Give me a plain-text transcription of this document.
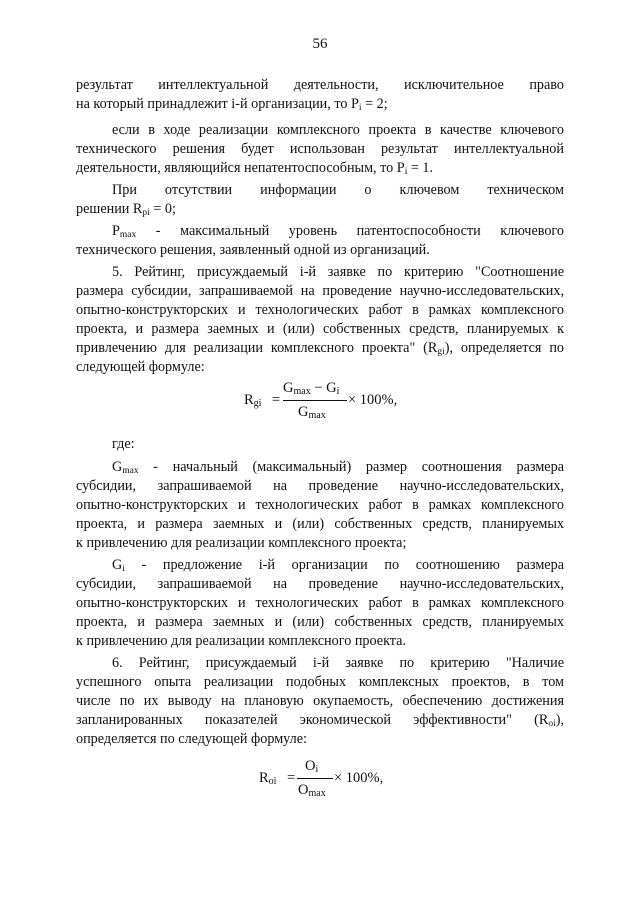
56
результат интеллектуальной деятельности, исключительное право
на который принадлежит i-й организации, то $P_i = 2$;
если в ходе реализации комплексного проекта в качестве ключевого
технического решения будет использован результат интеллектуальной
деятельности, являющийся непатентоспособным, то $P_i = 1$.
При отсутствии информации о ключевом техническом
решении $R_{pi} = 0$;
$P_{max}$ - максимальный уровень патентоспособности ключевого
технического решения, заявленный одной из организаций.
5. Рейтинг, присуждаемый i-й заявке по критерию "Соотношение
размера субсидии, запрашиваемой на проведение научно-исследовательских,
опытно-конструкторских и технологических работ в рамках комплексного
проекта, и размера заемных и (или) собственных средств, планируемых к
привлечению для реализации комплексного проекта" $(R_{gi})$, определяется по
следующей формуле:
$R_{gi}$ =
$G_{max} - G_i$
$G_{max}$
× 100%,
где:
$G_{max}$ - начальный (максимальный) размер соотношения размера
субсидии, запрашиваемой на проведение научно-исследовательских,
опытно-конструкторских и технологических работ в рамках комплексного
проекта, и размера заемных и (или) собственных средств, планируемых
к привлечению для реализации комплексного проекта;
$G_i$ - предложение i-й организации по соотношению размера
субсидии, запрашиваемой на проведение научно-исследовательских,
опытно-конструкторских и технологических работ в рамках комплексного
проекта, и размера заемных и (или) собственных средств, планируемых
к привлечению для реализации комплексного проекта.
6. Рейтинг, присуждаемый i-й заявке по критерию "Наличие
успешного опыта реализации подобных комплексных проектов, в том
числе по их выводу на плановую окупаемость, обеспечению достижения
запланированных показателей экономической эффективности" $(R_{oi})$,
определяется по следующей формуле:
$R_{oi}$ =
$O_i$
$O_{max}$
× 100%,
